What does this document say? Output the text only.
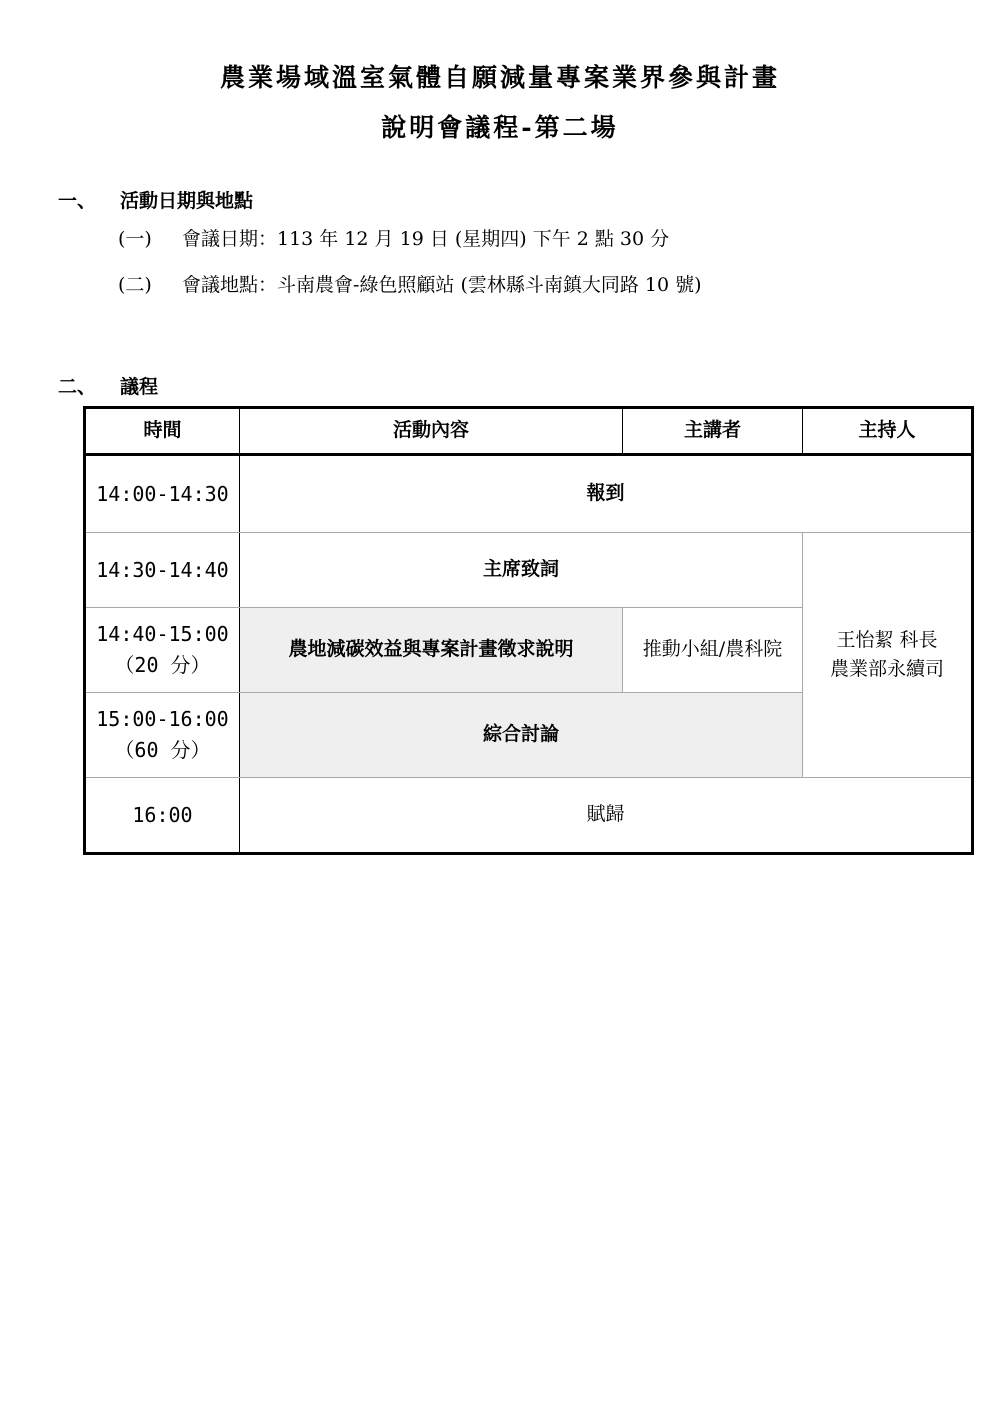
農業場域溫室氣體自願減量專案業界參與計畫
說明會議程-第二場
一、	活動日期與地點
(一)	會議日期：113 年 12 月 19 日 (星期四) 下午 2 點 30 分
(二)	會議地點：斗南農會-綠色照顧站 (雲林縣斗南鎮大同路 10 號)
二、	議程
時間	活動內容	主講者	主持人
14:00-14:30	報到		
14:30-14:40	主席致詞		王怡絜 科長
農業部永續司

14:40-15:00
（20 分）	農地減碳效益與專案計畫徵求說明	推動小組/農科院	

15:00-16:00
（60 分）	綜合討論		
16:00	賦歸		
